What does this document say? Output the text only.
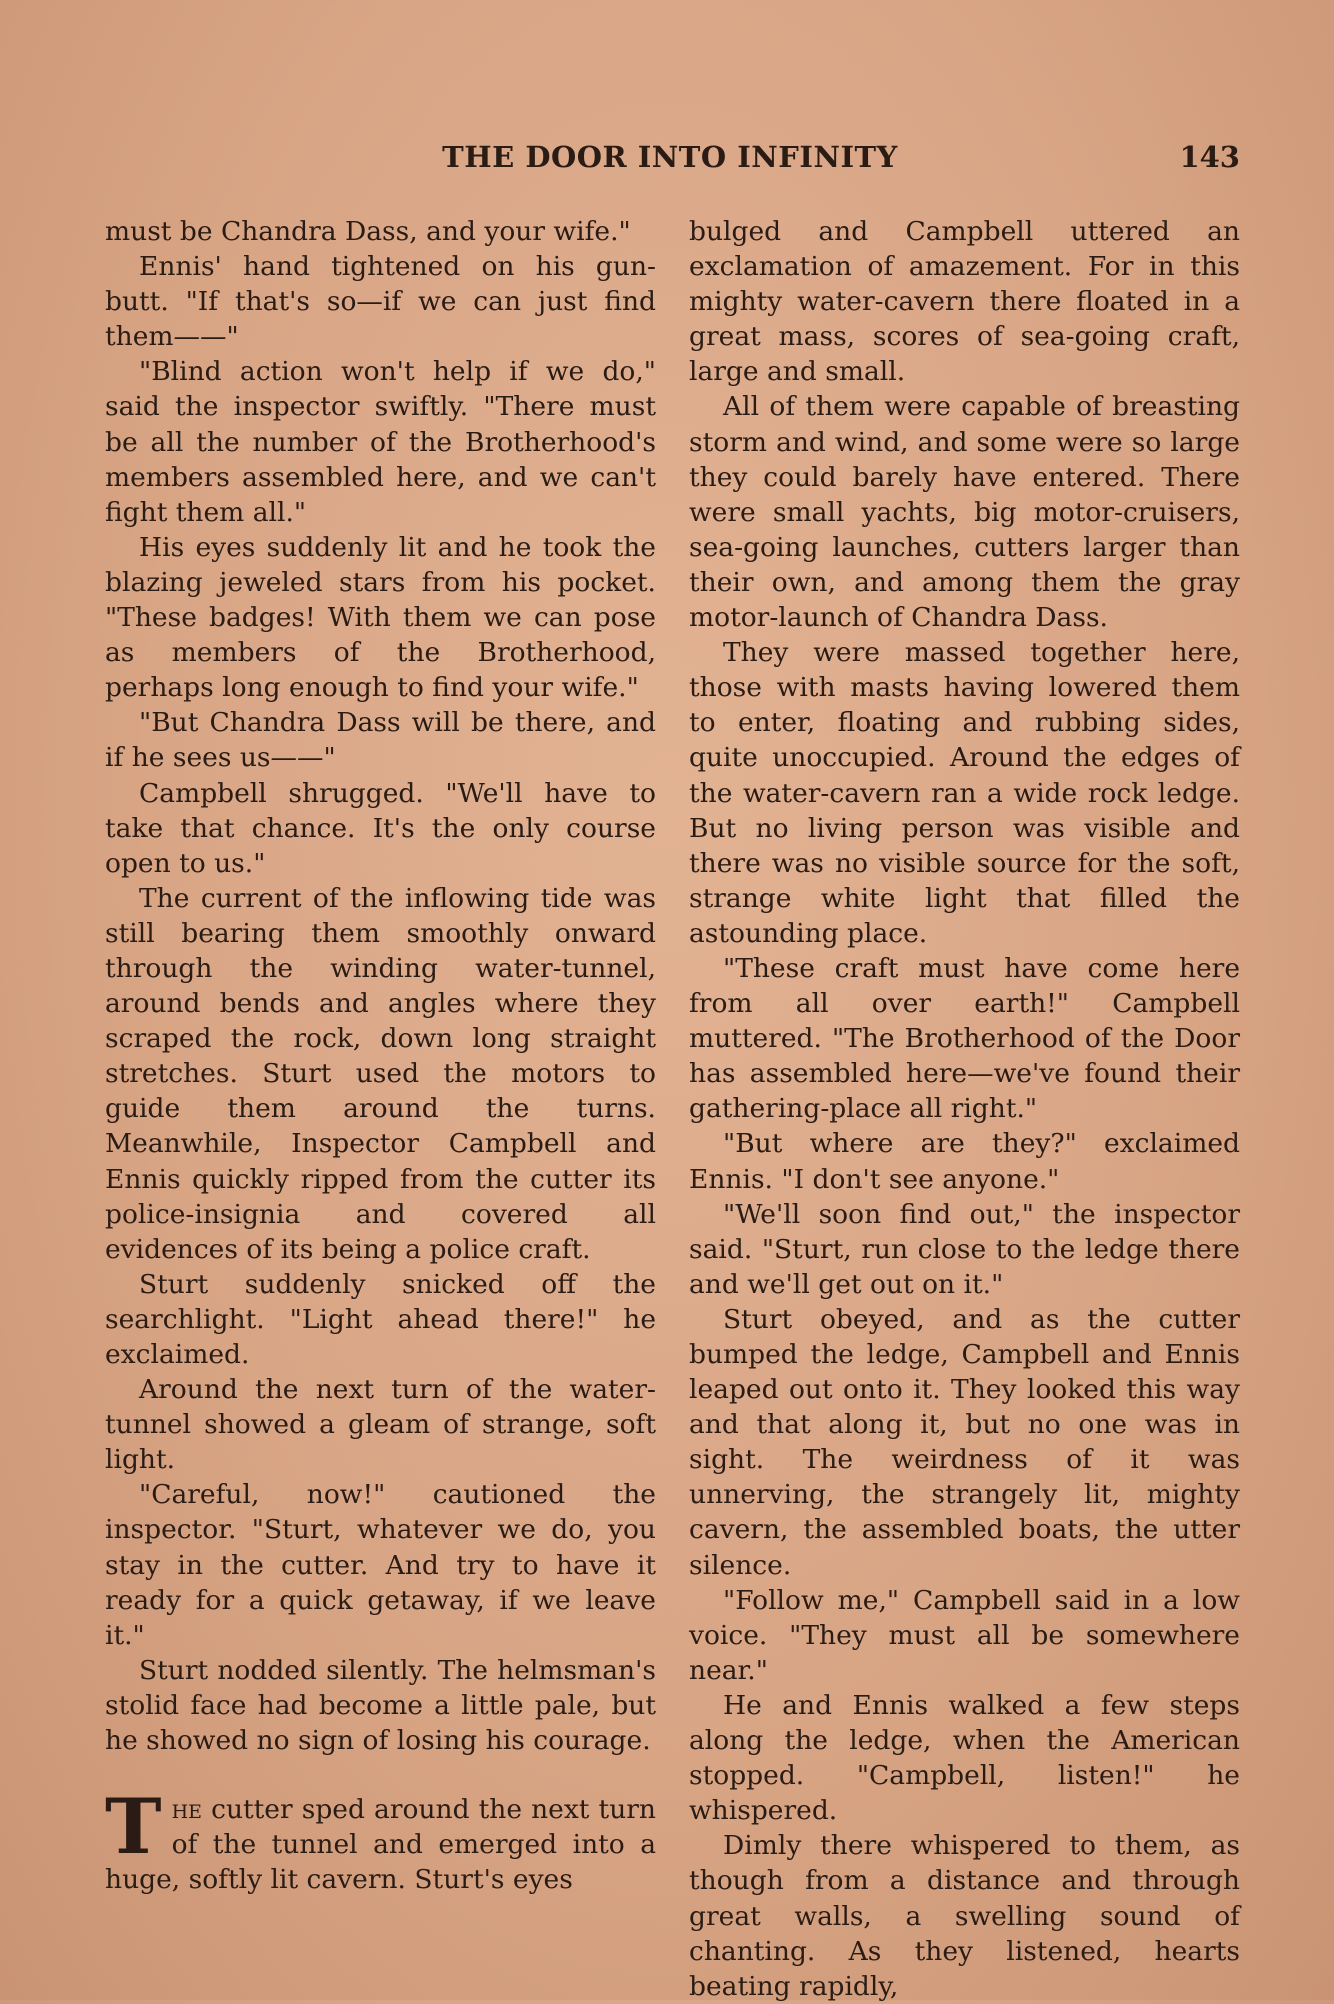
THE DOOR INTO INFINITY	143

must be Chandra Dass, and your wife."

Ennis' hand tightened on his gun-butt. "If that's so—if we can just find them——"

"Blind action won't help if we do," said the inspector swiftly. "There must be all the number of the Brotherhood's members assembled here, and we can't fight them all."

His eyes suddenly lit and he took the blazing jeweled stars from his pocket. "These badges! With them we can pose as members of the Brotherhood, perhaps long enough to find your wife."

"But Chandra Dass will be there, and if he sees us——"

Campbell shrugged. "We'll have to take that chance. It's the only course open to us."

The current of the inflowing tide was still bearing them smoothly onward through the winding water-tunnel, around bends and angles where they scraped the rock, down long straight stretches. Sturt used the motors to guide them around the turns. Meanwhile, Inspector Campbell and Ennis quickly ripped from the cutter its police-insignia and covered all evidences of its being a police craft.

Sturt suddenly snicked off the searchlight. "Light ahead there!" he exclaimed.

Around the next turn of the water-tunnel showed a gleam of strange, soft light.

"Careful, now!" cautioned the inspector. "Sturt, whatever we do, you stay in the cutter. And try to have it ready for a quick getaway, if we leave it."

Sturt nodded silently. The helmsman's stolid face had become a little pale, but he showed no sign of losing his courage.

The cutter sped around the next turn of the tunnel and emerged into a huge, softly lit cavern. Sturt's eyes

bulged and Campbell uttered an exclamation of amazement. For in this mighty water-cavern there floated in a great mass, scores of sea-going craft, large and small.

All of them were capable of breasting storm and wind, and some were so large they could barely have entered. There were small yachts, big motor-cruisers, sea-going launches, cutters larger than their own, and among them the gray motor-launch of Chandra Dass.

They were massed together here, those with masts having lowered them to enter, floating and rubbing sides, quite unoccupied. Around the edges of the water-cavern ran a wide rock ledge. But no living person was visible and there was no visible source for the soft, strange white light that filled the astounding place.

"These craft must have come here from all over earth!" Campbell muttered. "The Brotherhood of the Door has assembled here—we've found their gathering-place all right."

"But where are they?" exclaimed Ennis. "I don't see anyone."

"We'll soon find out," the inspector said. "Sturt, run close to the ledge there and we'll get out on it."

Sturt obeyed, and as the cutter bumped the ledge, Campbell and Ennis leaped out onto it. They looked this way and that along it, but no one was in sight. The weirdness of it was unnerving, the strangely lit, mighty cavern, the assembled boats, the utter silence.

"Follow me," Campbell said in a low voice. "They must all be somewhere near."

He and Ennis walked a few steps along the ledge, when the American stopped. "Campbell, listen!" he whispered.

Dimly there whispered to them, as though from a distance and through great walls, a swelling sound of chanting. As they listened, hearts beating rapidly,
